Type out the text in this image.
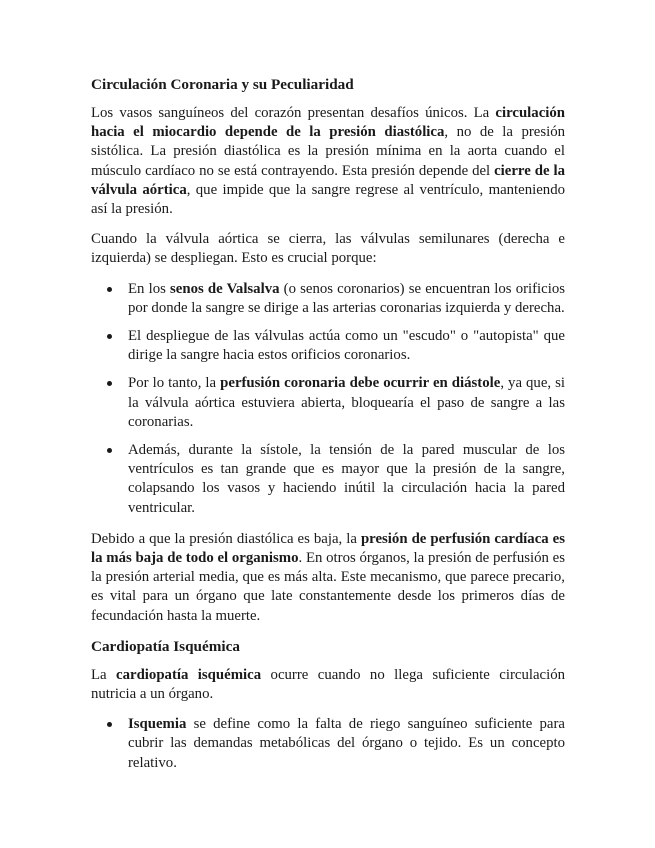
Circulación Coronaria y su Peculiaridad

Los vasos sanguíneos del corazón presentan desafíos únicos. La circulación hacia el miocardio depende de la presión diastólica, no de la presión sistólica. La presión diastólica es la presión mínima en la aorta cuando el músculo cardíaco no se está contrayendo. Esta presión depende del cierre de la válvula aórtica, que impide que la sangre regrese al ventrículo, manteniendo así la presión.

Cuando la válvula aórtica se cierra, las válvulas semilunares (derecha e izquierda) se despliegan. Esto es crucial porque:

En los senos de Valsalva (o senos coronarios) se encuentran los orificios por donde la sangre se dirige a las arterias coronarias izquierda y derecha.
El despliegue de las válvulas actúa como un "escudo" o "autopista" que dirige la sangre hacia estos orificios coronarios.
Por lo tanto, la perfusión coronaria debe ocurrir en diástole, ya que, si la válvula aórtica estuviera abierta, bloquearía el paso de sangre a las coronarias.
Además, durante la sístole, la tensión de la pared muscular de los ventrículos es tan grande que es mayor que la presión de la sangre, colapsando los vasos y haciendo inútil la circulación hacia la pared ventricular.

Debido a que la presión diastólica es baja, la presión de perfusión cardíaca es la más baja de todo el organismo. En otros órganos, la presión de perfusión es la presión arterial media, que es más alta. Este mecanismo, que parece precario, es vital para un órgano que late constantemente desde los primeros días de fecundación hasta la muerte.

Cardiopatía Isquémica

La cardiopatía isquémica ocurre cuando no llega suficiente circulación nutricia a un órgano.

Isquemia se define como la falta de riego sanguíneo suficiente para cubrir las demandas metabólicas del órgano o tejido. Es un concepto relativo.
